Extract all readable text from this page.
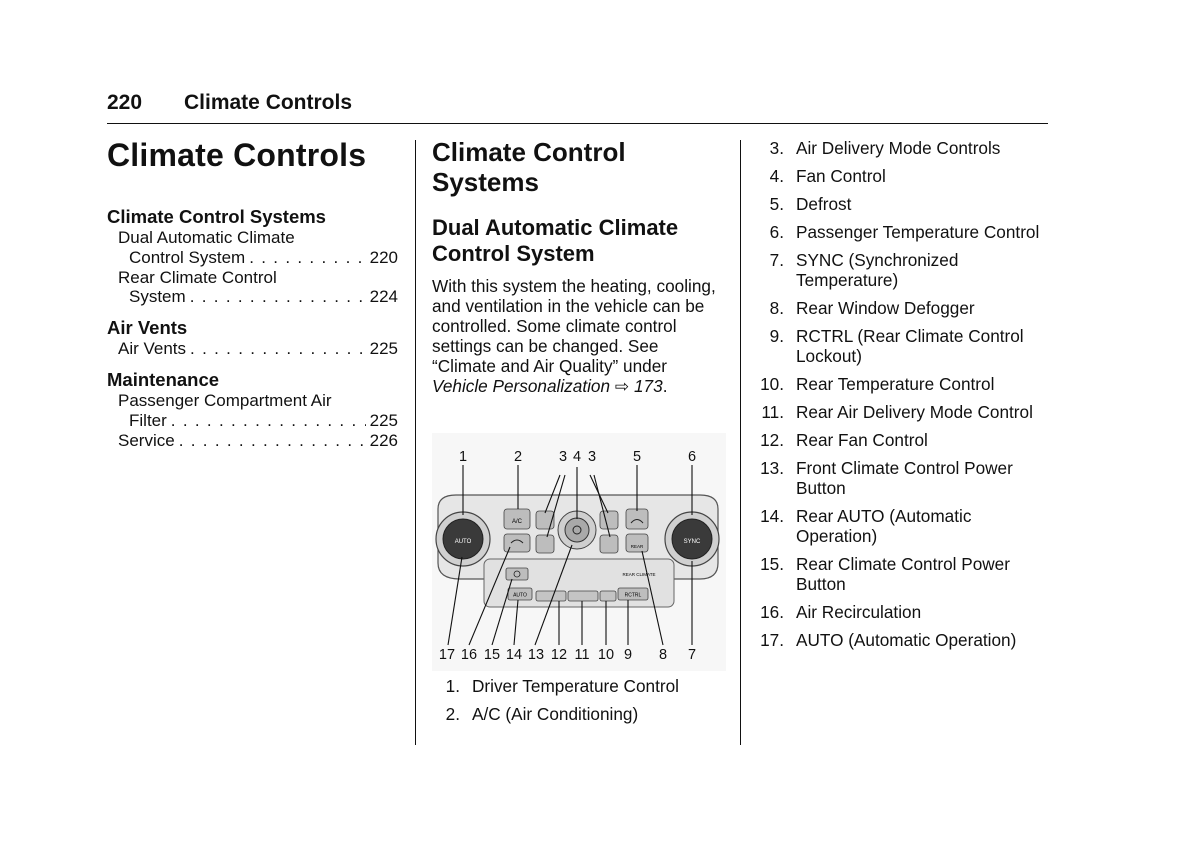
220 Climate Controls
Climate Controls
Climate Control Systems
Dual Automatic Climate
Control System . . .	220
Rear Climate Control
System . . .	224
Air Vents
Air Vents . . .	225
Maintenance
Passenger Compartment Air
Filter . . .	225
Service . . .	226
Climate Control Systems
Dual Automatic Climate Control System
With this system the heating, cooling, and ventilation in the vehicle can be controlled. Some climate control settings can be changed. See “Climate and Air Quality” under Vehicle Personalization ⇨ 173.
AUTO	SYNC
A/C
REAR
REAR CLIMATE
AUTO	RCTRL
1	2	3 4 3	5	6
17 16 15 14 13 12 11 10 9 8 7
1. Driver Temperature Control
2. A/C (Air Conditioning)
3. Air Delivery Mode Controls
4. Fan Control
5. Defrost
6. Passenger Temperature Control
7. SYNC (Synchronized Temperature)
8. Rear Window Defogger
9. RCTRL (Rear Climate Control Lockout)
10. Rear Temperature Control
11. Rear Air Delivery Mode Control
12. Rear Fan Control
13. Front Climate Control Power Button
14. Rear AUTO (Automatic Operation)
15. Rear Climate Control Power Button
16. Air Recirculation
17. AUTO (Automatic Operation)
